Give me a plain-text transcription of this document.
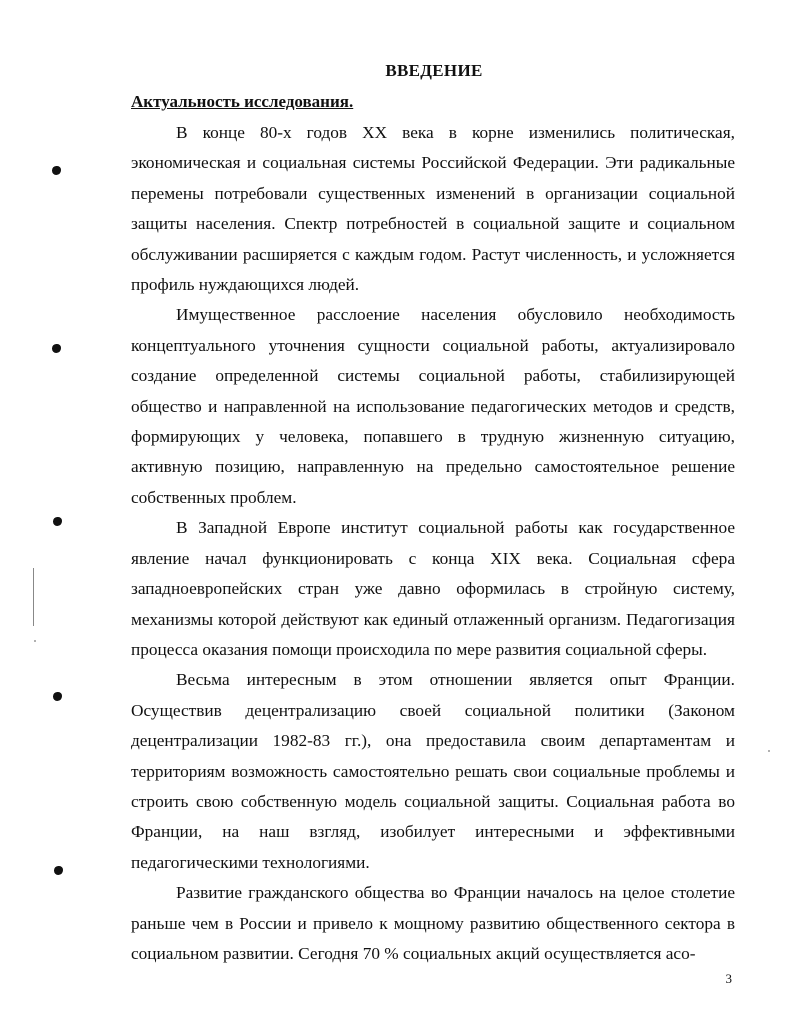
ВВЕДЕНИЕ
Актуальность исследования.

В конце 80-х годов XX века в корне изменились политическая, экономическая и социальная системы Российской Федерации. Эти радикальные перемены потребовали существенных изменений в организации социальной защиты населения. Спектр потребностей в социальной защите и социальном обслуживании расширяется с каждым годом. Растут численность, и усложняется профиль нуждающихся людей.

Имущественное расслоение населения обусловило необходимость концептуального уточнения сущности социальной работы, актуализировало создание определенной системы социальной работы, стабилизирующей общество и направленной на использование педагогических методов и средств, формирующих у человека, попавшего в трудную жизненную ситуацию, активную позицию, направленную на предельно самостоятельное решение собственных проблем.

В Западной Европе институт социальной работы как государственное явление начал функционировать с конца XIX века. Социальная сфера западноевропейских стран уже давно оформилась в стройную систему, механизмы которой действуют как единый отлаженный организм. Педагогизация процесса оказания помощи происходила по мере развития социальной сферы.

Весьма интересным в этом отношении является опыт Франции. Осуществив децентрализацию своей социальной политики (Законом децентрализации 1982-83 гг.), она предоставила своим департаментам и территориям возможность самостоятельно решать свои социальные проблемы и строить свою собственную модель социальной защиты. Социальная работа во Франции, на наш взгляд, изобилует интересными и эффективными педагогическими технологиями.

Развитие гражданского общества во Франции началось на целое столетие раньше чем в России и привело к мощному развитию общественного сектора в социальном развитии. Сегодня 70 % социальных акций осуществляется асо-

3
